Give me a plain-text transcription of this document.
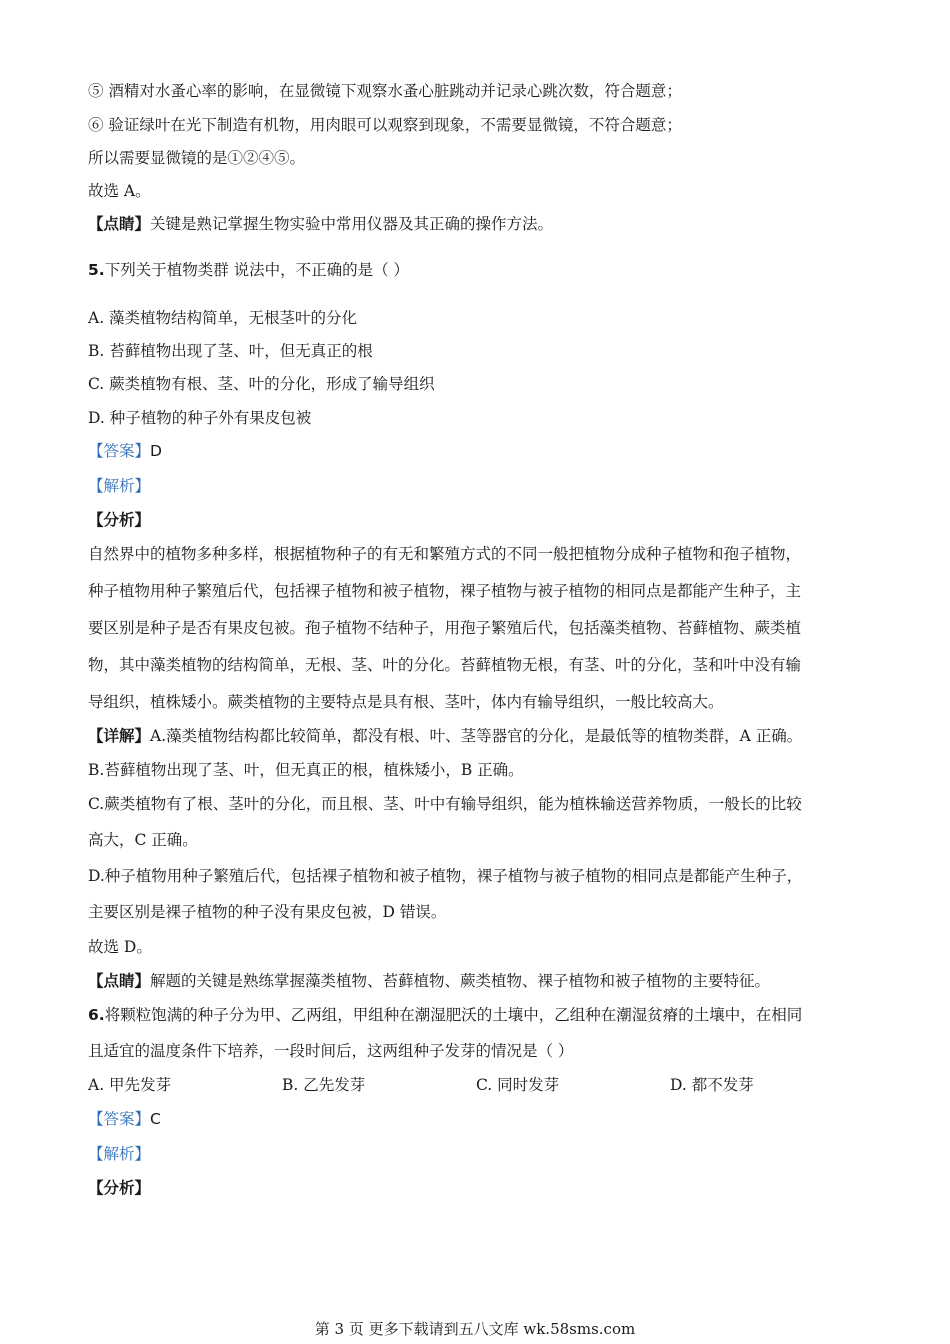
⑤ 酒精对水蚤心率的影响，在显微镜下观察水蚤心脏跳动并记录心跳次数，符合题意；
⑥ 验证绿叶在光下制造有机物，用肉眼可以观察到现象，不需要显微镜，不符合题意；
所以需要显微镜的是①②④⑤。
故选 A。
【点睛】关键是熟记掌握生物实验中常用仪器及其正确的操作方法。
5.下列关于植物类群 说法中，不正确的是（ ）
A. 藻类植物结构简单，无根茎叶的分化
B. 苔藓植物出现了茎、叶，但无真正的根
C. 蕨类植物有根、茎、叶的分化，形成了输导组织
D. 种子植物的种子外有果皮包被
【答案】D
【解析】
【分析】
自然界中的植物多种多样，根据植物种子的有无和繁殖方式的不同一般把植物分成种子植物和孢子植物，
种子植物用种子繁殖后代，包括裸子植物和被子植物，裸子植物与被子植物的相同点是都能产生种子，主
要区别是种子是否有果皮包被。孢子植物不结种子，用孢子繁殖后代，包括藻类植物、苔藓植物、蕨类植
物，其中藻类植物的结构简单，无根、茎、叶的分化。苔藓植物无根，有茎、叶的分化，茎和叶中没有输
导组织，植株矮小。蕨类植物的主要特点是具有根、茎叶，体内有输导组织，一般比较高大。
【详解】A.藻类植物结构都比较简单，都没有根、叶、茎等器官的分化，是最低等的植物类群，A 正确。
B.苔藓植物出现了茎、叶，但无真正的根，植株矮小，B 正确。
C.蕨类植物有了根、茎叶的分化，而且根、茎、叶中有输导组织，能为植株输送营养物质，一般长的比较
高大，C 正确。
D.种子植物用种子繁殖后代，包括裸子植物和被子植物，裸子植物与被子植物的相同点是都能产生种子，
主要区别是裸子植物的种子没有果皮包被，D 错误。
故选 D。
【点睛】解题的关键是熟练掌握藻类植物、苔藓植物、蕨类植物、裸子植物和被子植物的主要特征。
6.将颗粒饱满的种子分为甲、乙两组，甲组种在潮湿肥沃的土壤中，乙组种在潮湿贫瘠的土壤中，在相同
且适宜的温度条件下培养，一段时间后，这两组种子发芽的情况是（ ）
A. 甲先发芽	B. 乙先发芽	C. 同时发芽	D. 都不发芽
【答案】C
【解析】
【分析】
第 3 页 更多下载请到五八文库 wk.58sms.com
